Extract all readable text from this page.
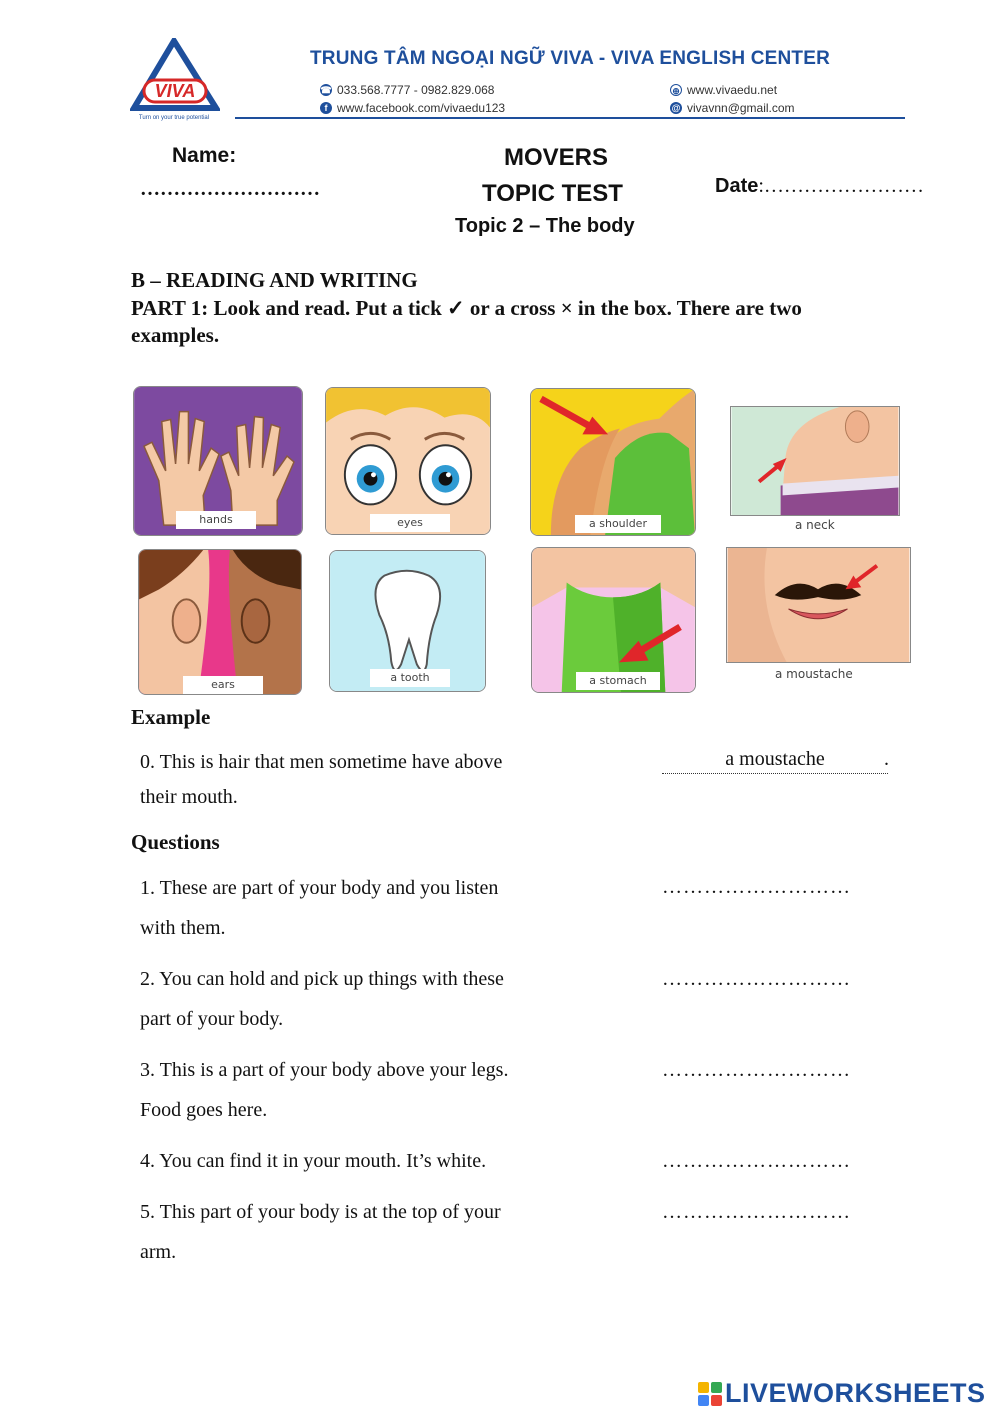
VIVA
Turn on your true potential
TRUNG TÂM NGOẠI NGỮ VIVA - VIVA ENGLISH CENTER
☎ 033.568.7777 - 0982.829.068
f www.facebook.com/vivaedu123
⊕ www.vivaedu.net
@ vivavnn@gmail.com
Name:
………………………
MOVERS
TOPIC TEST
Topic 2 – The body
Date:……………………
B – READING AND WRITING
PART 1: Look and read. Put a tick ✓ or a cross × in the box. There are two
examples.
hands	eyes	a shoulder	a neck
ears
a tooth	a stomach	a moustache
Example
0. This is hair that men sometime have above
their mouth.
a moustache	.
Questions
1. These are part of your body and you listen
with them.
………………………
2. You can hold and pick up things with these
part of your body.
………………………
3. This is a part of your body above your legs.
Food goes here.
………………………
4. You can find it in your mouth. It’s white.	………………………
5. This part of your body is at the top of your
arm.
………………………
LIVEWORKSHEETS
